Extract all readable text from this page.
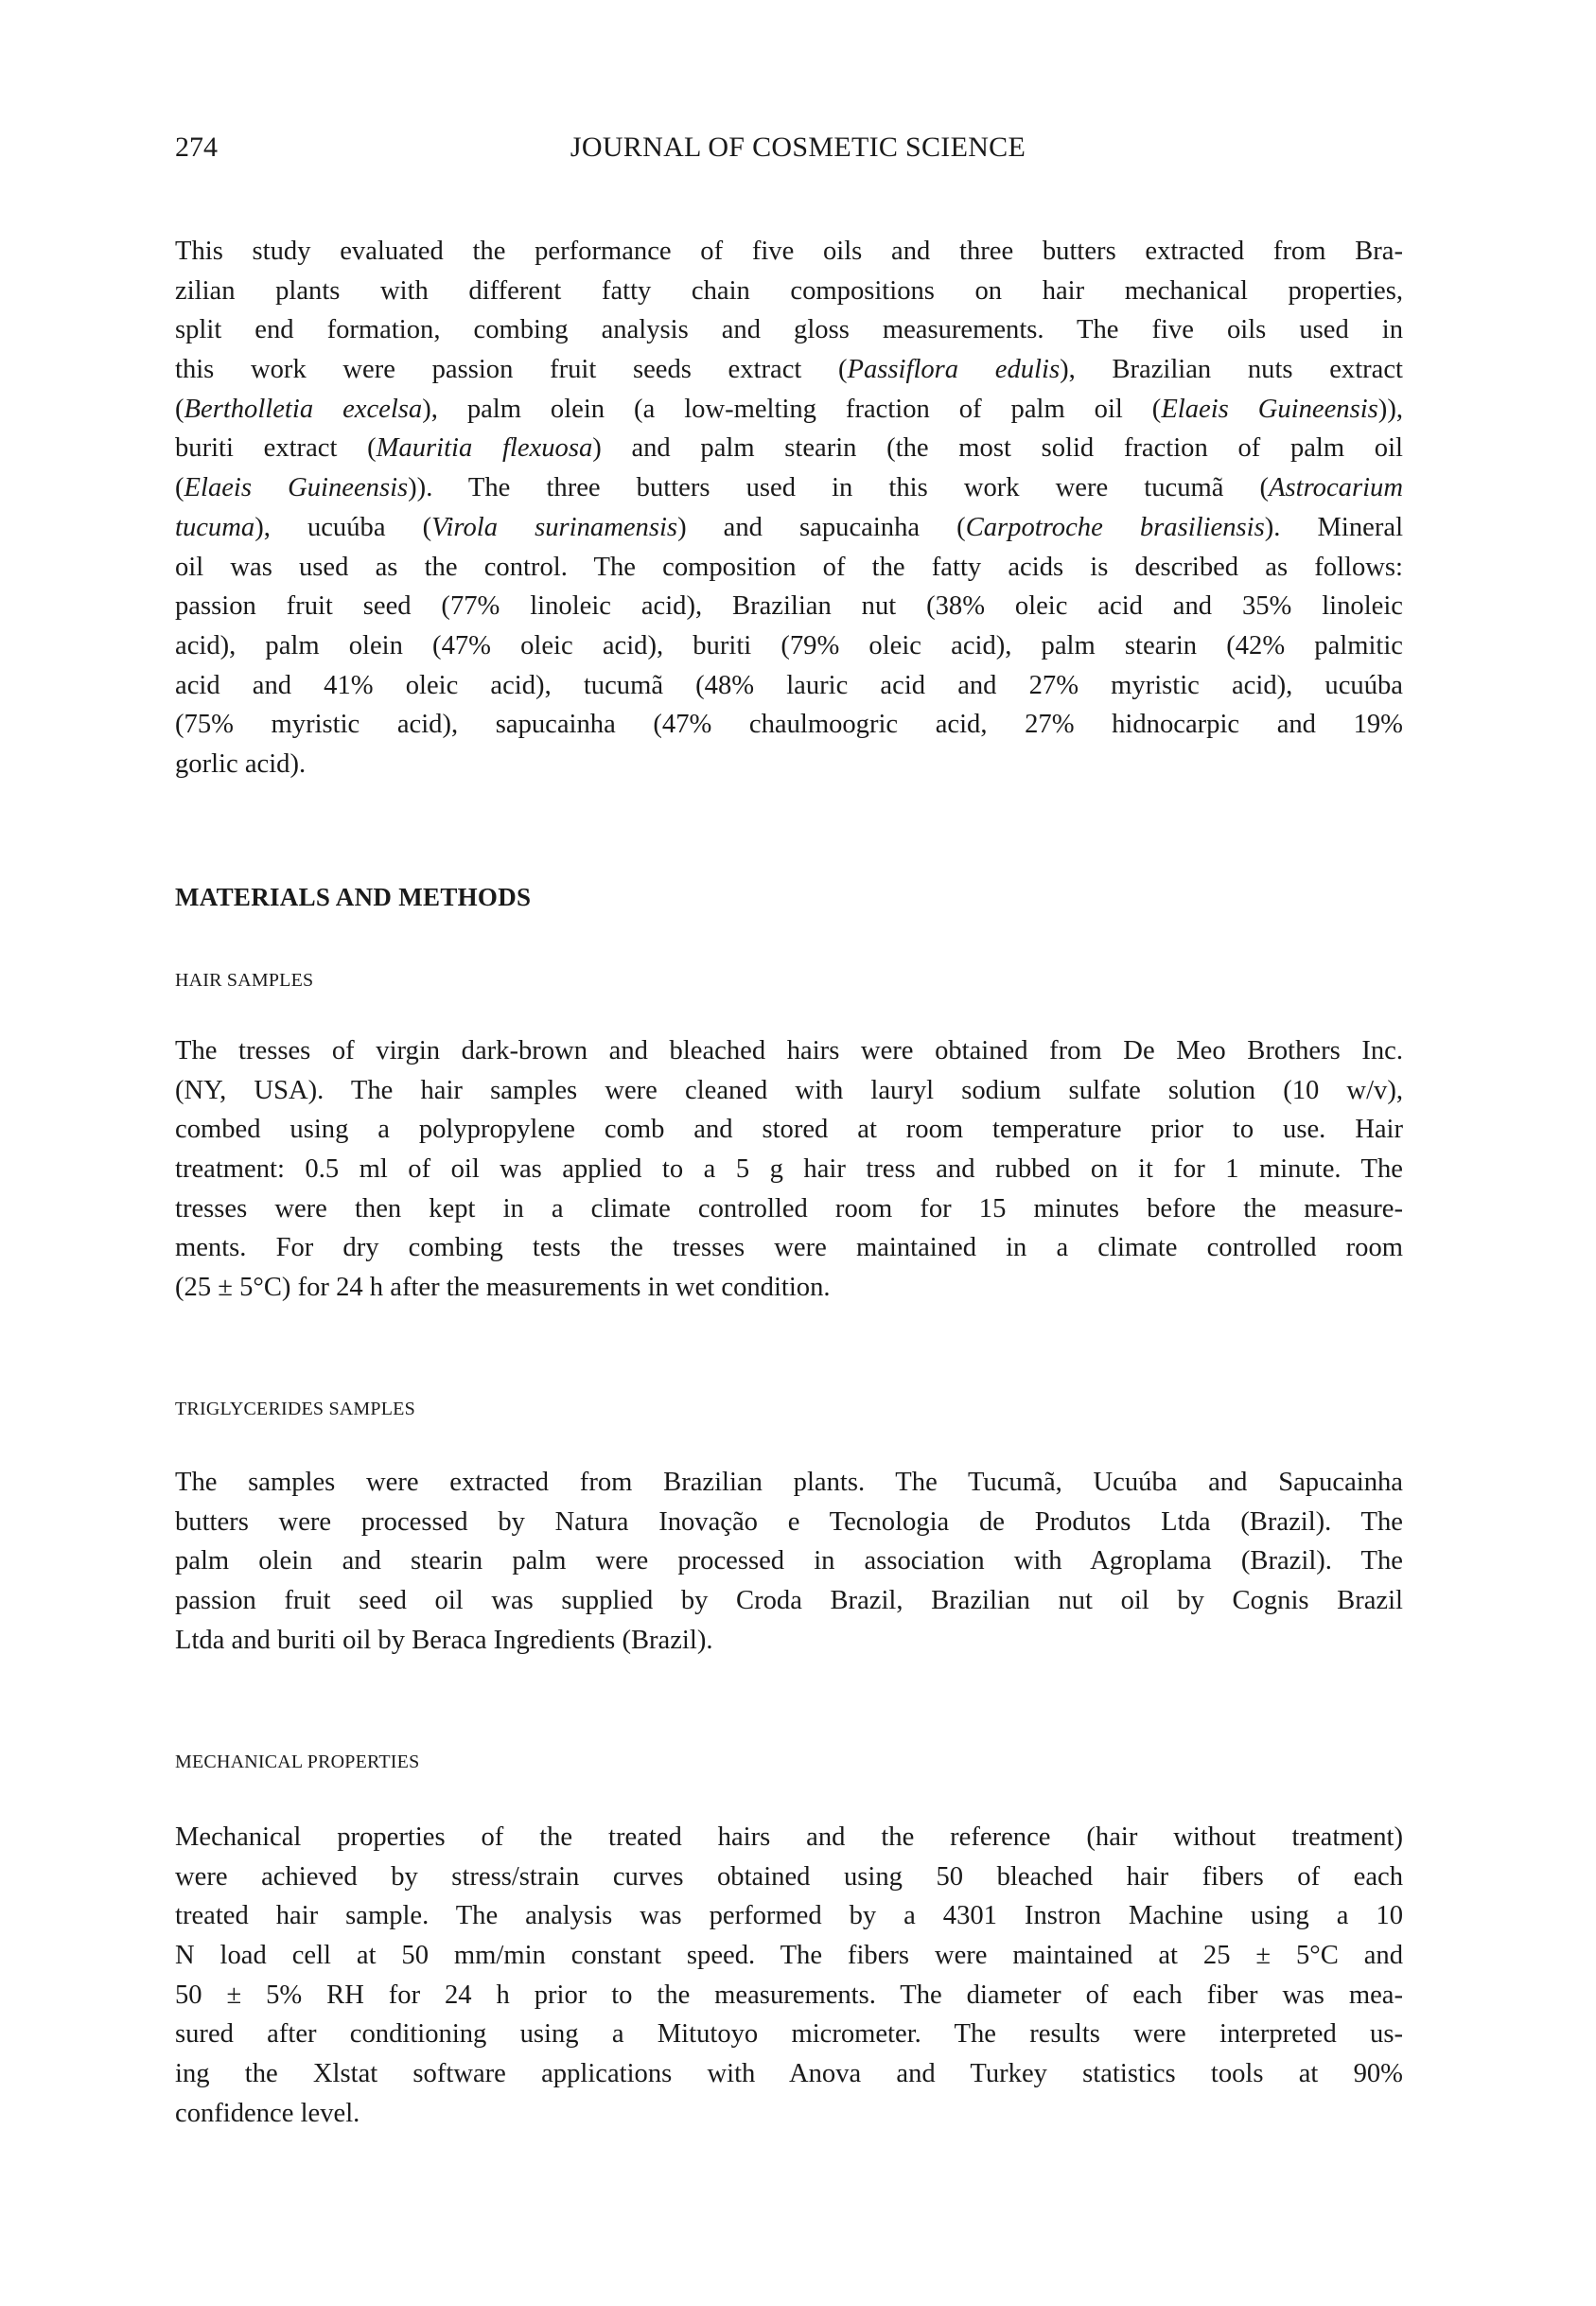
274	JOURNAL OF COSMETIC SCIENCE
This study evaluated the performance of five oils and three butters extracted from Bra-
zilian plants with different fatty chain compositions on hair mechanical properties,
split end formation, combing analysis and gloss measurements. The five oils used in
this work were passion fruit seeds extract (Passiflora edulis), Brazilian nuts extract
(Bertholletia excelsa), palm olein (a low-melting fraction of palm oil (Elaeis Guineensis)),
buriti extract (Mauritia flexuosa) and palm stearin (the most solid fraction of palm oil
(Elaeis Guineensis)). The three butters used in this work were tucumã (Astrocarium
tucuma), ucuúba (Virola surinamensis) and sapucainha (Carpotroche brasiliensis). Mineral
oil was used as the control. The composition of the fatty acids is described as follows:
passion fruit seed (77% linoleic acid), Brazilian nut (38% oleic acid and 35% linoleic
acid), palm olein (47% oleic acid), buriti (79% oleic acid), palm stearin (42% palmitic
acid and 41% oleic acid), tucumã (48% lauric acid and 27% myristic acid), ucuúba
(75% myristic acid), sapucainha (47% chaulmoogric acid, 27% hidnocarpic and 19%
gorlic acid).
MATERIALS AND METHODS
HAIR SAMPLES
The tresses of virgin dark-brown and bleached hairs were obtained from De Meo Brothers Inc.
(NY, USA). The hair samples were cleaned with lauryl sodium sulfate solution (10 w/v),
combed using a polypropylene comb and stored at room temperature prior to use. Hair
treatment: 0.5 ml of oil was applied to a 5 g hair tress and rubbed on it for 1 minute. The
tresses were then kept in a climate controlled room for 15 minutes before the measure-
ments. For dry combing tests the tresses were maintained in a climate controlled room
(25 ± 5°C) for 24 h after the measurements in wet condition.
TRIGLYCERIDES SAMPLES
The samples were extracted from Brazilian plants. The Tucumã, Ucuúba and Sapucainha
butters were processed by Natura Inovação e Tecnologia de Produtos Ltda (Brazil). The
palm olein and stearin palm were processed in association with Agroplama (Brazil). The
passion fruit seed oil was supplied by Croda Brazil, Brazilian nut oil by Cognis Brazil
Ltda and buriti oil by Beraca Ingredients (Brazil).
MECHANICAL PROPERTIES
Mechanical properties of the treated hairs and the reference (hair without treatment)
were achieved by stress/strain curves obtained using 50 bleached hair fibers of each
treated hair sample. The analysis was performed by a 4301 Instron Machine using a 10
N load cell at 50 mm/min constant speed. The fibers were maintained at 25 ± 5°C and
50 ± 5% RH for 24 h prior to the measurements. The diameter of each fiber was mea-
sured after conditioning using a Mitutoyo micrometer. The results were interpreted us-
ing the Xlstat software applications with Anova and Turkey statistics tools at 90%
confidence level.
